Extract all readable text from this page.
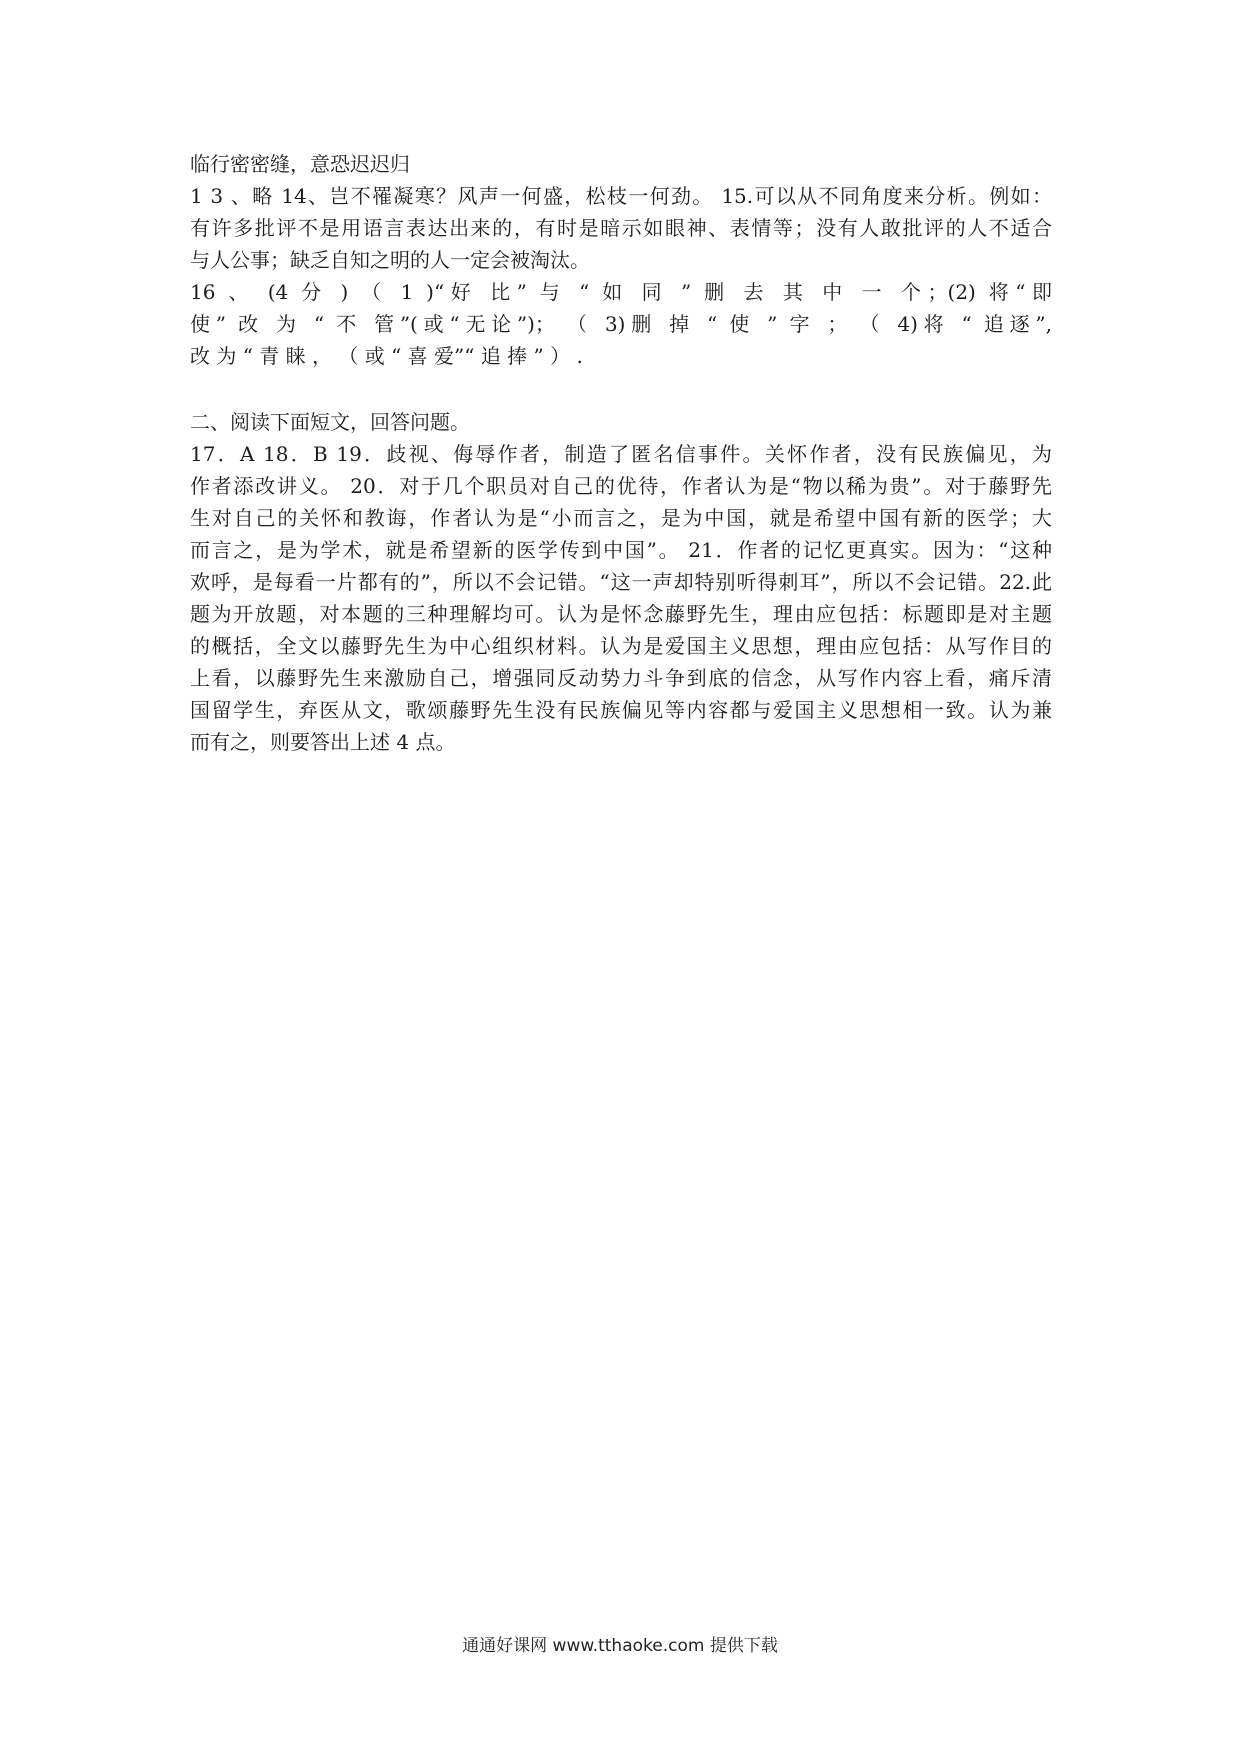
临行密密缝，意恐迟迟归
1 3 、略 14、岂不罹凝寒？风声一何盛，松枝一何劲。 15.可以从不同角度来分析。例如：
有许多批评不是用语言表达出来的，有时是暗示如眼神、表情等；没有人敢批评的人不适合
与人公事；缺乏自知之明的人一定会被淘汰。
16 、 (4 分 ) （ 1 )“好 比” 与 “ 如 同 ” 删 去 其 中 一 个；(2) 将“即
使” 改 为 “ 不 管”(或“无论”)； （ 3)删 掉 “ 使 ” 字 ； （ 4)将 “ 追逐”,
改 为 “ 青 睐 ， （ 或 “ 喜 爱”“ 追 捧 ” ） .
二、阅读下面短文，回答问题。
17．A 18．B 19．歧视、侮辱作者，制造了匿名信事件。关怀作者，没有民族偏见，为
作者添改讲义。 20．对于几个职员对自己的优待，作者认为是“物以稀为贵”。对于藤野先
生对自己的关怀和教诲，作者认为是“小而言之，是为中国，就是希望中国有新的医学；大
而言之，是为学术，就是希望新的医学传到中国”。 21．作者的记忆更真实。因为：“这种
欢呼，是每看一片都有的”，所以不会记错。“这一声却特别听得刺耳”，所以不会记错。22.此
题为开放题，对本题的三种理解均可。认为是怀念藤野先生，理由应包括：标题即是对主题
的概括，全文以藤野先生为中心组织材料。认为是爱国主义思想，理由应包括：从写作目的
上看，以藤野先生来激励自己，增强同反动势力斗争到底的信念，从写作内容上看，痛斥清
国留学生，弃医从文，歌颂藤野先生没有民族偏见等内容都与爱国主义思想相一致。认为兼
而有之，则要答出上述 4 点。
通通好课网 www.tthaoke.com 提供下载
